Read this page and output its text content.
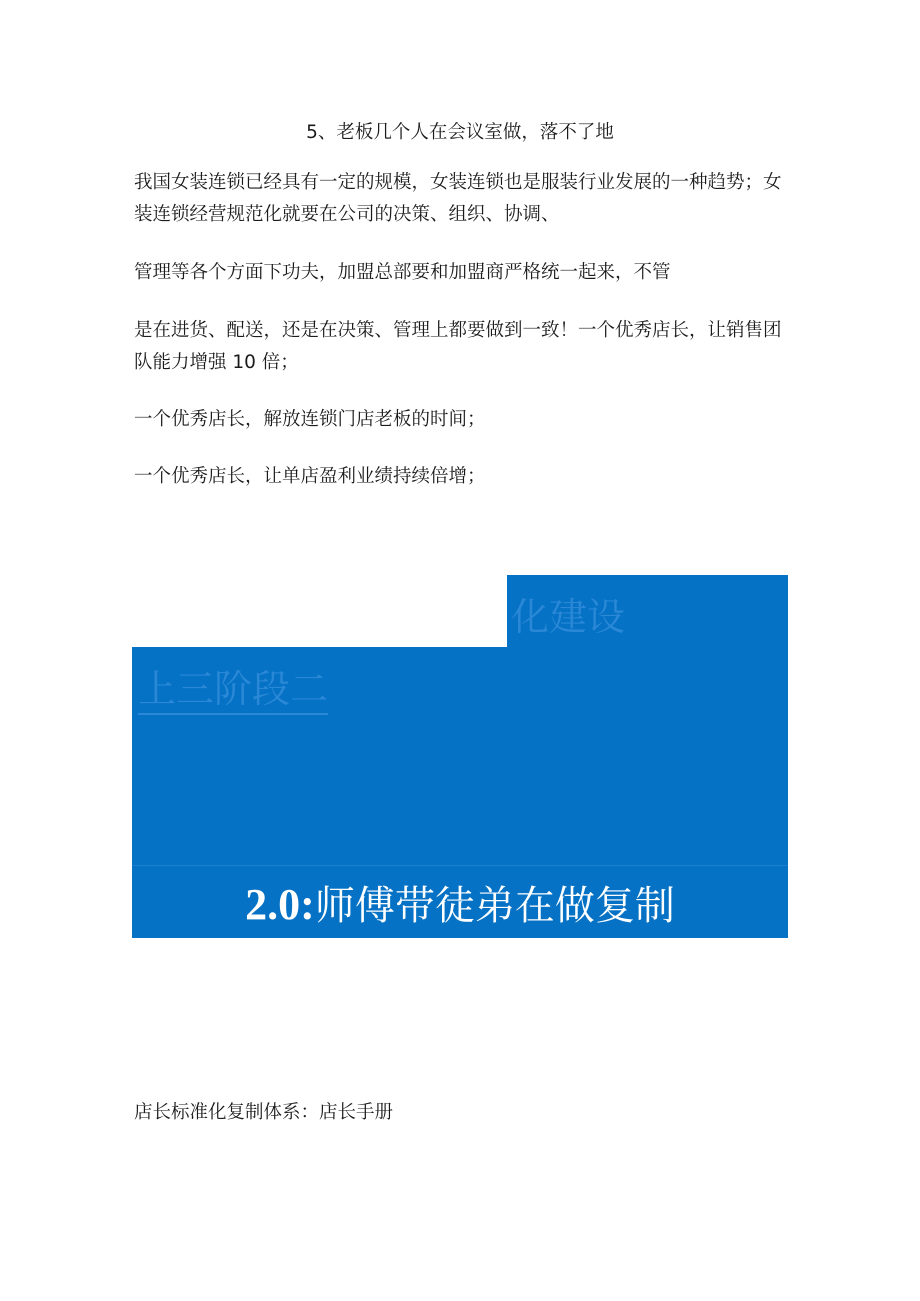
5、老板几个人在会议室做，落不了地

我国女装连锁已经具有一定的规模，女装连锁也是服装行业发展的一种趋势；女装连锁经营规范化就要在公司的决策、组织、协调、

管理等各个方面下功夫，加盟总部要和加盟商严格统一起来，不管

是在进货、配送，还是在决策、管理上都要做到一致！一个优秀店长，让销售团队能力增强 10 倍；

一个优秀店长，解放连锁门店老板的时间；

一个优秀店长，让单店盈利业绩持续倍增；

化建设
上三阶段二
2.0:师傅带徒弟在做复制

店长标准化复制体系：店长手册
